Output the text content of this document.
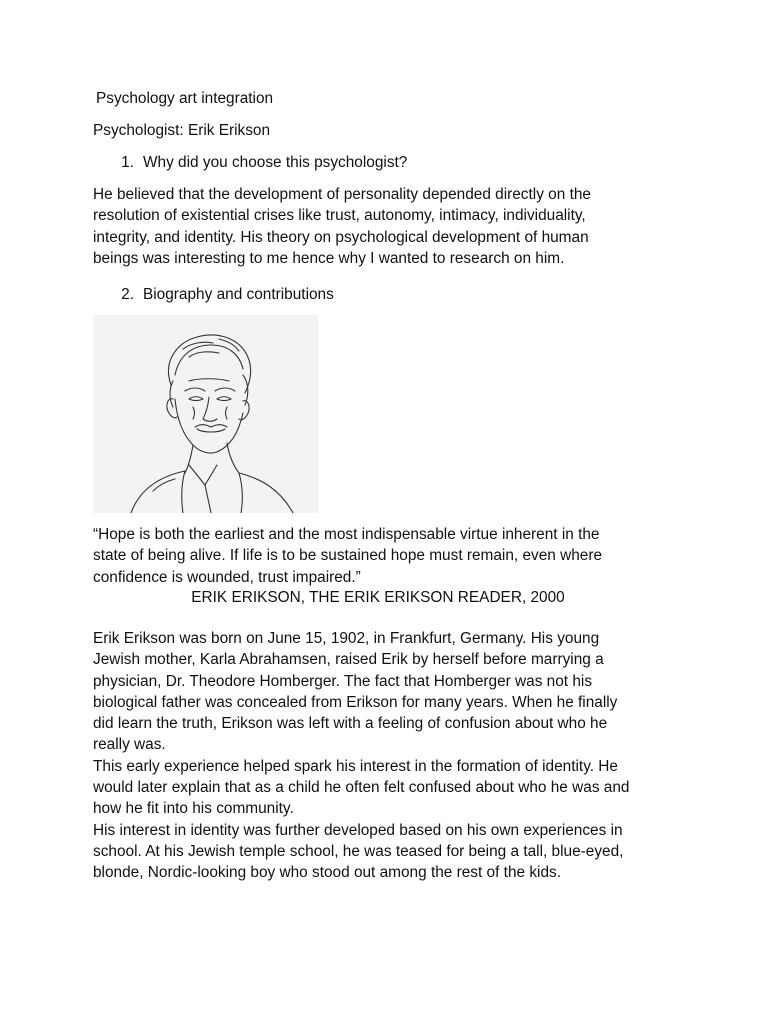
Psychology art integration

Psychologist: Erik Erikson

1. Why did you choose this psychologist?

He believed that the development of personality depended directly on the

resolution of existential crises like trust, autonomy, intimacy, individuality,

integrity, and identity. His theory on psychological development of human

beings was interesting to me hence why I wanted to research on him.

2. Biography and contributions

“Hope is both the earliest and the most indispensable virtue inherent in the

state of being alive. If life is to be sustained hope must remain, even where

confidence is wounded, trust impaired.”

ERIK ERIKSON, THE ERIK ERIKSON READER, 2000

Erik Erikson was born on June 15, 1902, in Frankfurt, Germany. His young

Jewish mother, Karla Abrahamsen, raised Erik by herself before marrying a

physician, Dr. Theodore Homberger. The fact that Homberger was not his

biological father was concealed from Erikson for many years. When he finally

did learn the truth, Erikson was left with a feeling of confusion about who he

really was.

This early experience helped spark his interest in the formation of identity. He

would later explain that as a child he often felt confused about who he was and

how he fit into his community.

His interest in identity was further developed based on his own experiences in

school. At his Jewish temple school, he was teased for being a tall, blue-eyed,

blonde, Nordic-looking boy who stood out among the rest of the kids.
